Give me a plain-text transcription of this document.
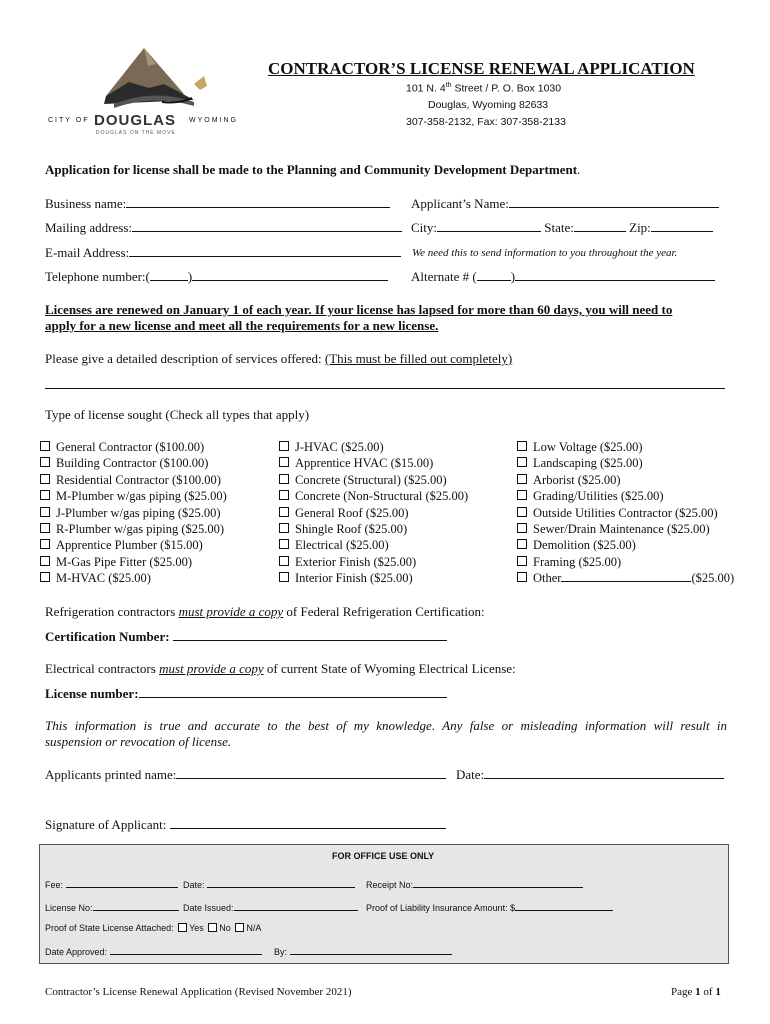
CITY OF DOUGLAS WYOMING
DOUGLAS ON THE MOVE
CONTRACTOR’S LICENSE RENEWAL APPLICATION
101 N. 4th Street / P. O. Box 1030
Douglas, Wyoming 82633
307-358-2132, Fax: 307-358-2133
Application for license shall be made to the Planning and Community Development Department.
Business name:	Applicant’s Name:
Mailing address:	City:	State:	Zip:
E-mail Address:	We need this to send information to you throughout the year.
Telephone number:(	)	Alternate # (	)
Licenses are renewed on January 1 of each year. If your license has lapsed for more than 60 days, you will need to
apply for a new license and meet all the requirements for a new license.
Please give a detailed description of services offered: (This must be filled out completely)
Type of license sought (Check all types that apply)
General Contractor ($100.00)
Building Contractor ($100.00)
Residential Contractor ($100.00)
M-Plumber w/gas piping ($25.00)
J-Plumber w/gas piping ($25.00)
R-Plumber w/gas piping ($25.00)
Apprentice Plumber ($15.00)
M-Gas Pipe Fitter ($25.00)
M-HVAC ($25.00)
J-HVAC ($25.00)
Apprentice HVAC ($15.00)
Concrete (Structural) ($25.00)
Concrete (Non-Structural ($25.00)
General Roof ($25.00)
Shingle Roof ($25.00)
Electrical ($25.00)
Exterior Finish ($25.00)
Interior Finish ($25.00)
Low Voltage ($25.00)
Landscaping ($25.00)
Arborist ($25.00)
Grading/Utilities ($25.00)
Outside Utilities Contractor ($25.00)
Sewer/Drain Maintenance ($25.00)
Demolition ($25.00)
Framing ($25.00)
Other	($25.00)
Refrigeration contractors must provide a copy of Federal Refrigeration Certification:
Certification Number:
Electrical contractors must provide a copy of current State of Wyoming Electrical License:
License number:
This information is true and accurate to the best of my knowledge. Any false or misleading information will result in
suspension or revocation of license.
Applicants printed name:	Date:
Signature of Applicant:
FOR OFFICE USE ONLY
Fee:	Date:	Receipt No:
License No:	Date Issued:	Proof of Liability Insurance Amount: $
Proof of State License Attached: Yes No N/A
Date Approved:	By:
Contractor’s License Renewal Application (Revised November 2021)	Page 1 of 1
